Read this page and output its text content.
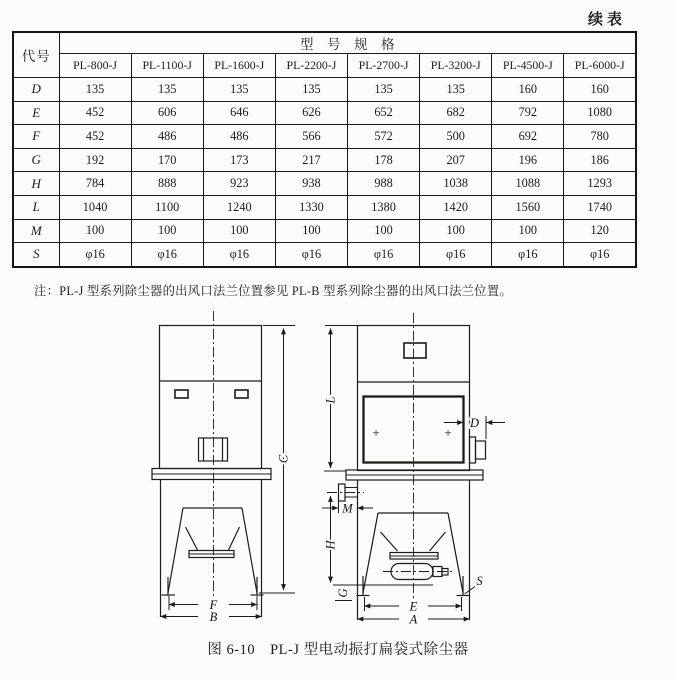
续表
代号	型　号　规　格							
	PL-800-J	PL-1100-J	PL-1600-J	PL-2200-J	PL-2700-J	PL-3200-J	PL-4500-J	PL-6000-J
D	135	135	135	135	135	135	160	160
E	452	606	646	626	652	682	792	1080
F	452	486	486	566	572	500	692	780
G	192	170	173	217	178	207	196	186
H	784	888	923	938	988	1038	1088	1293
L	1040	1100	1240	1330	1380	1420	1560	1740
M	100	100	100	100	100	100	100	120
S	φ16	φ16	φ16	φ16	φ16	φ16	φ16	φ16
注：PL-J 型系列除尘器的出风口法兰位置参见 PL-B 型系列除尘器的出风口法兰位置。
C
F
B
+	+
L
D
M
H
G
S
E
A
图 6-10　PL-J 型电动振打扁袋式除尘器
